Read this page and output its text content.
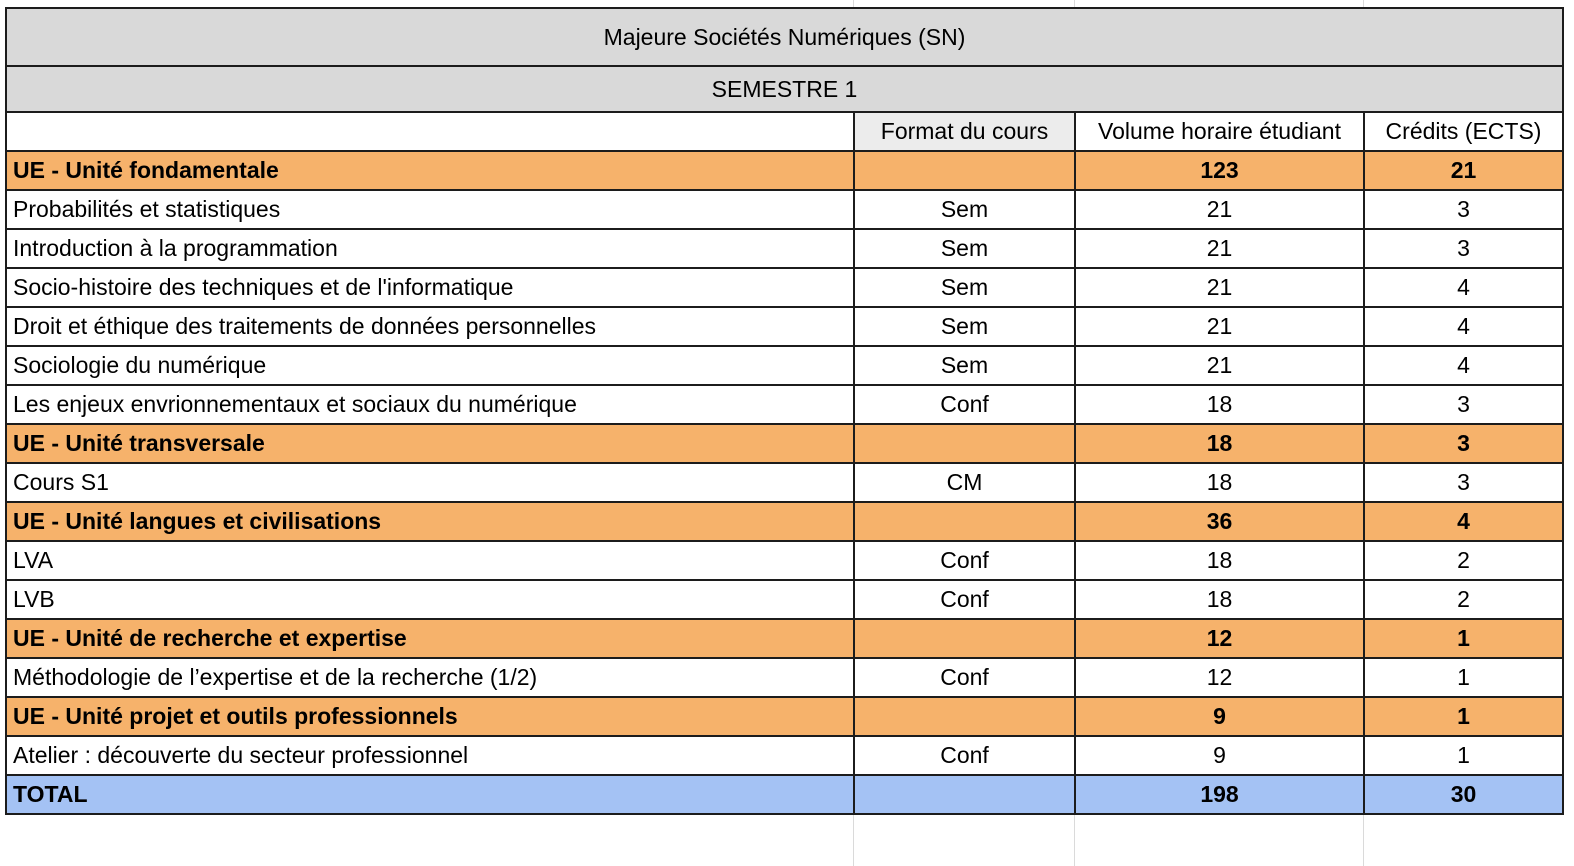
Majeure Sociétés Numériques (SN)			
SEMESTRE 1			
	Format du cours	Volume horaire étudiant	Crédits (ECTS)
UE - Unité fondamentale		123	21
Probabilités et statistiques	Sem	21	3
Introduction à la programmation	Sem	21	3
Socio-histoire des techniques et de l'informatique	Sem	21	4
Droit et éthique des traitements de données personnelles	Sem	21	4
Sociologie du numérique	Sem	21	4
Les enjeux envrionnementaux et sociaux du numérique	Conf	18	3
UE - Unité transversale		18	3
Cours S1	CM	18	3
UE - Unité langues et civilisations		36	4
LVA	Conf	18	2
LVB	Conf	18	2
UE - Unité de recherche et expertise		12	1
Méthodologie de l’expertise et de la recherche (1/2)	Conf	12	1
UE - Unité projet et outils professionnels		9	1
Atelier : découverte du secteur professionnel	Conf	9	1
TOTAL		198	30
